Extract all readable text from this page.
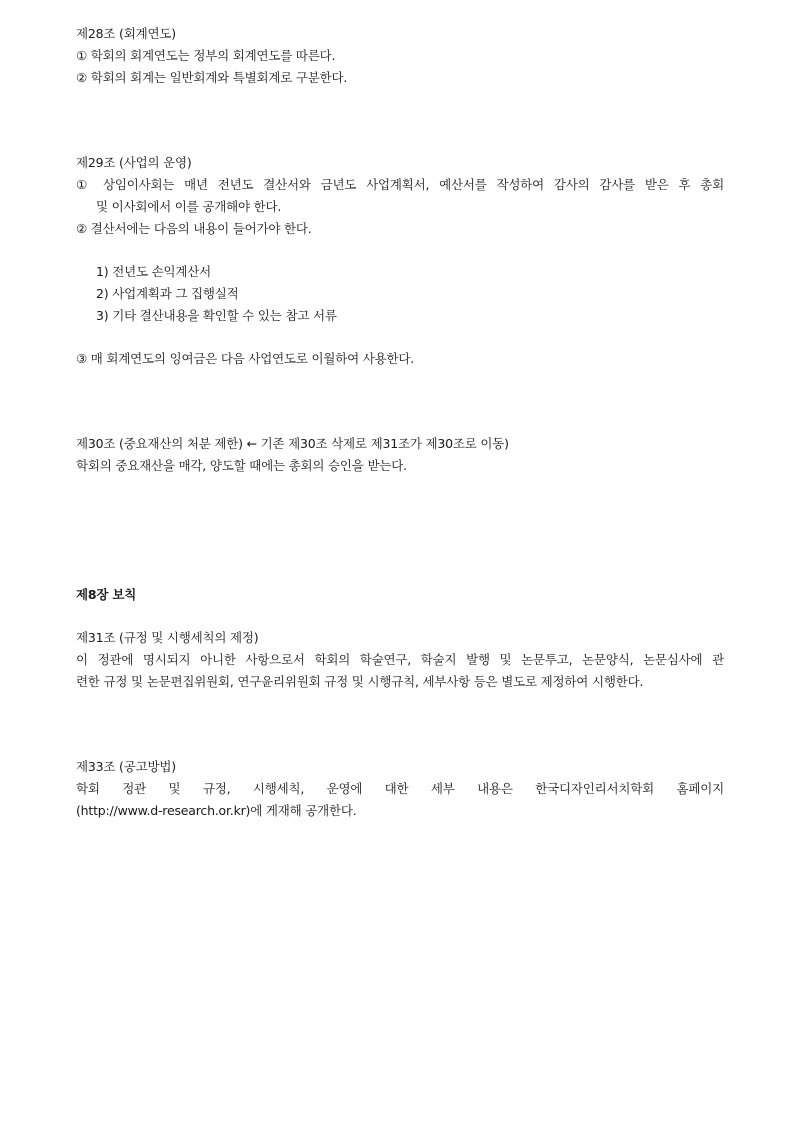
제28조 (회계연도)
① 학회의 회계연도는 정부의 회계연도를 따른다.
② 학회의 회계는 일반회계와 특별회계로 구분한다.
제29조 (사업의 운영)
① 상임이사회는 매년 전년도 결산서와 금년도 사업계획서, 예산서를 작성하여 감사의 감사를 받은 후 총회
및 이사회에서 이를 공개해야 한다.
② 결산서에는 다음의 내용이 들어가야 한다.
1) 전년도 손익계산서
2) 사업계획과 그 집행실적
3) 기타 결산내용을 확인할 수 있는 참고 서류
③ 매 회계연도의 잉여금은 다음 사업연도로 이월하여 사용한다.
제30조 (중요재산의 처분 제한) ← 기존 제30조 삭제로 제31조가 제30조로 이동)
학회의 중요재산을 매각, 양도할 때에는 총회의 승인을 받는다.
제8장 보칙
제31조 (규정 및 시행세칙의 제정)
이 정관에 명시되지 아니한 사항으로서 학회의 학술연구, 학술지 발행 및 논문투고, 논문양식, 논문심사에 관
련한 규정 및 논문편집위원회, 연구윤리위원회 규정 및 시행규칙, 세부사항 등은 별도로 제정하여 시행한다.
제33조 (공고방법)
학회 정관 및 규정, 시행세칙, 운영에 대한 세부 내용은 한국디자인리서치학회 홈페이지
(http://www.d-research.or.kr)에 게재해 공개한다.
